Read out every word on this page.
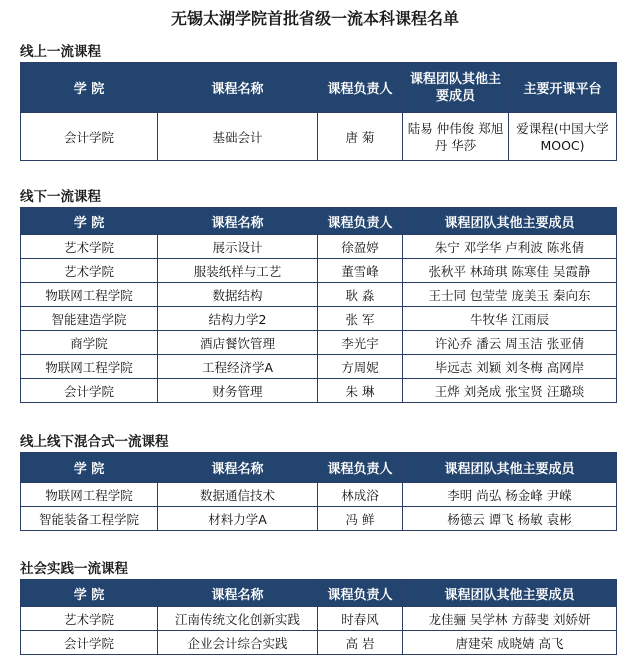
无锡太湖学院首批省级一流本科课程名单
线上一流课程
学 院	课程名称	课程负责人	课程团队其他主要成员	主要开课平台
会计学院	基础会计	唐 菊	陆易 仲伟俊 郑旭丹 华莎	爱课程(中国大学MOOC)
线下一流课程
学 院	课程名称	课程负责人	课程团队其他主要成员
艺术学院	展示设计	徐盈婷	朱宁 邓学华 卢利波 陈兆倩
艺术学院	服装纸样与工艺	董雪峰	张秋平 林琦琪 陈寒佳 吴霞静
物联网工程学院	数据结构	耿 淼	王士同 包莹莹 庞美玉 秦向东
智能建造学院	结构力学2	张 军	牛牧华 江雨辰
商学院	酒店餐饮管理	李光宇	许沁乔 潘云 周玉洁 张亚倩
物联网工程学院	工程经济学A	方周妮	毕远志 刘颖 刘冬梅 高网岸
会计学院	财务管理	朱 琳	王烨 刘尧成 张宝贤 汪璐琰
线上线下混合式一流课程
学 院	课程名称	课程负责人	课程团队其他主要成员
物联网工程学院	数据通信技术	林成浴	李明 尚弘 杨金峰 尹嵘
智能装备工程学院	材料力学A	冯 鲜	杨德云 谭飞 杨敏 袁彬
社会实践一流课程
学 院	课程名称	课程负责人	课程团队其他主要成员
艺术学院	江南传统文化创新实践	时春风	龙佳骊 吴学林 方薛斐 刘娇妍
会计学院	企业会计综合实践	高 岩	唐建荣 成晓婧 高飞
